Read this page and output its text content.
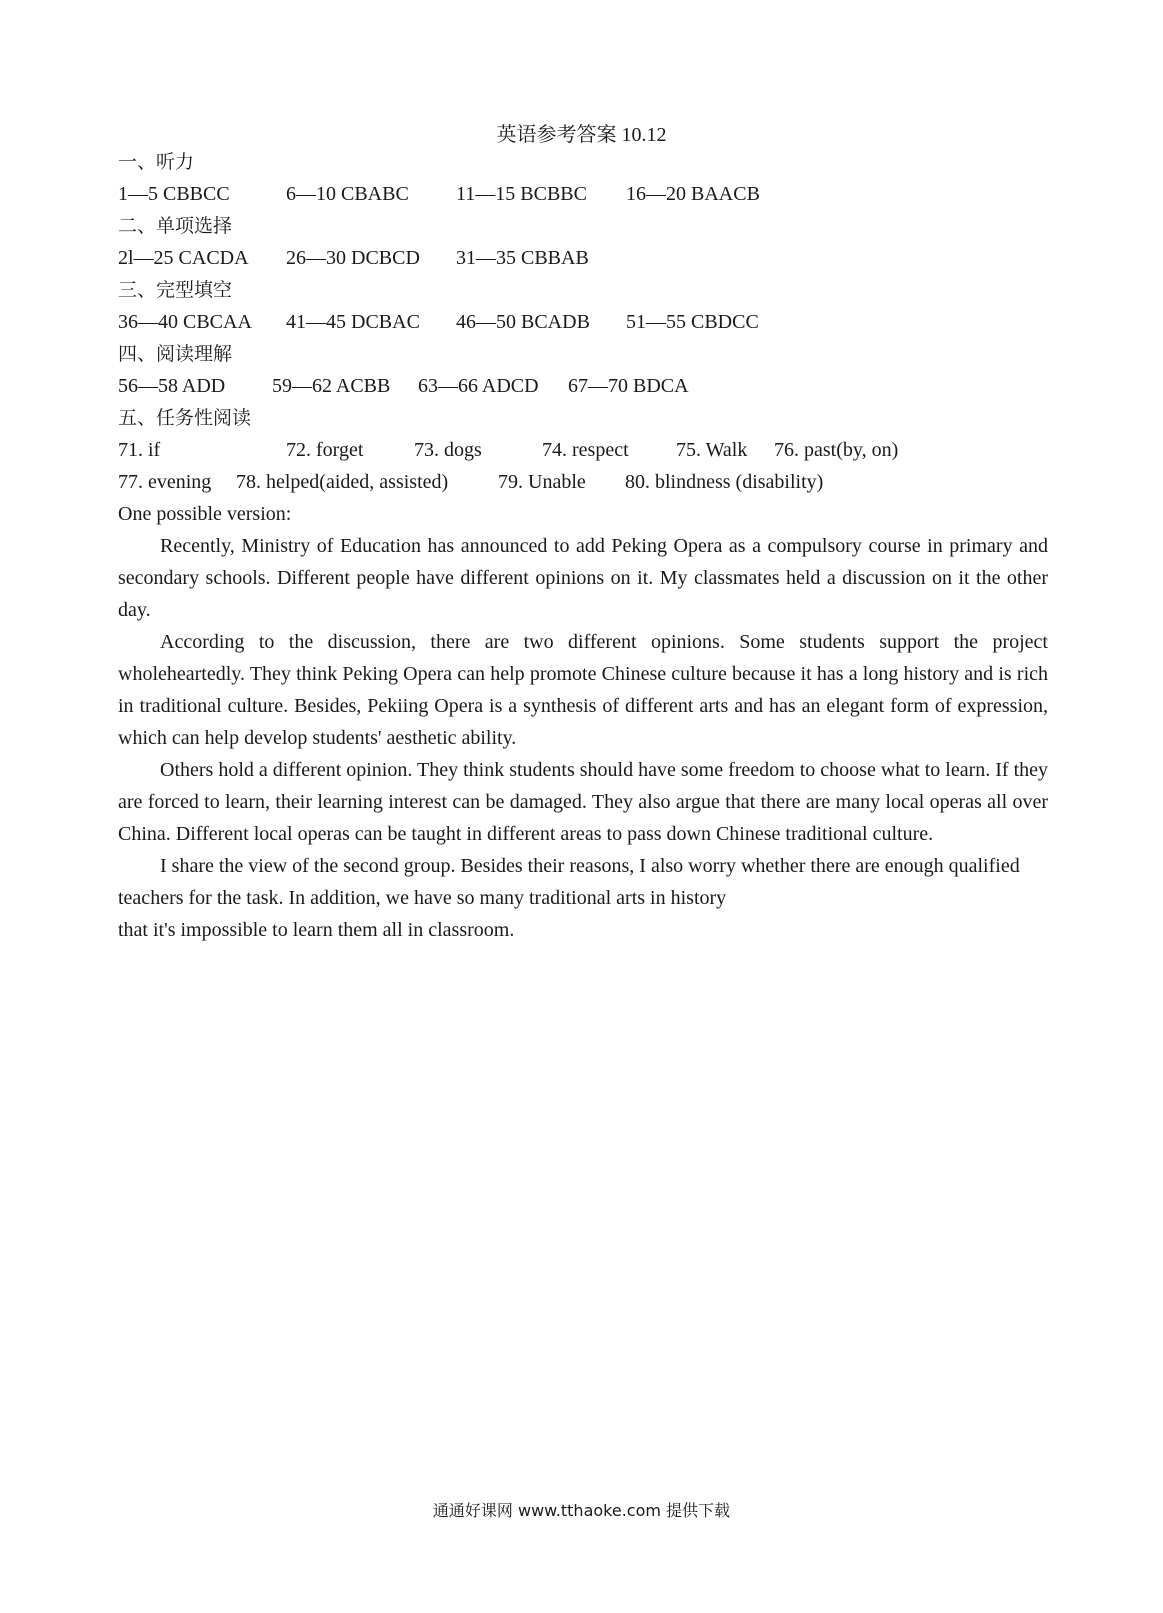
英语参考答案 10.12
一、听力
1—5 CBBCC	6—10 CBABC 11—15 BCBBC 16—20 BAACB
二、单项选择
2l—25 CACDA 26—30 DCBCD 31—35 CBBAB
三、完型填空
36—40 CBCAA 41—45 DCBAC 46—50 BCADB 51—55 CBDCC
四、阅读理解
56—58 ADD 59—62 ACBB 63—66 ADCD 67—70 BDCA
五、任务性阅读
71. if	72. forget	73. dogs	74. respect 75. Walk 76. past(by, on)
77. evening 78. helped(aided, assisted) 79. Unable 80. blindness (disability)
One possible version:

Recently, Ministry of Education has announced to add Peking Opera as a compulsory course in primary and secondary schools. Different people have different opinions on it. My classmates held a discussion on it the other day.

According to the discussion, there are two different opinions. Some students support the project wholeheartedly. They think Peking Opera can help promote Chinese culture because it has a long history and is rich in traditional culture. Besides, Pekiing Opera is a synthesis of different arts and has an elegant form of expression, which can help develop students' aesthetic ability.

Others hold a different opinion. They think students should have some freedom to choose what to learn. If they are forced to learn, their learning interest can be damaged. They also argue that there are many local operas all over China. Different local operas can be taught in different areas to pass down Chinese traditional culture.

I share the view of the second group. Besides their reasons, I also worry whether there are enough qualified teachers for the task. In addition, we have so many traditional arts in history
that it's impossible to learn them all in classroom.

通通好课网 www.tthaoke.com 提供下载
